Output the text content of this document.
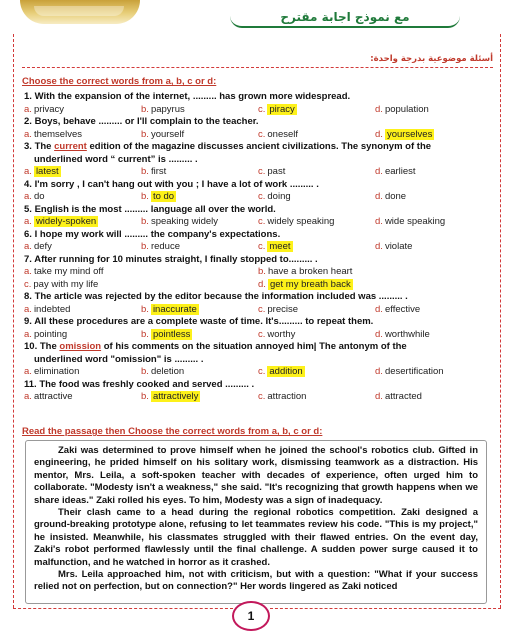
مع نموذج اجابة مقترح
أسئلة موضوعية بدرجة واحدة:
Choose the correct words from a, b, c or d:
1. With the expansion of the internet, ......... has grown more widespread.
a. privacy	b. papyrus	c. piracy	d. population
2. Boys, behave ......... or I'll complain to the teacher.
a. themselves	b. yourself	c. oneself	d. yourselves
3. The current edition of the magazine discusses ancient civilizations. The synonym of the
underlined word “ current” is ......... .
a. latest	b. first	c. past	d. earliest
4. I'm sorry , I can't hang out with you ; I have a lot of work ......... .
a. do	b. to do	c. doing	d. done
5. English is the most ......... language all over the world.
a. widely-spoken	b. speaking widely	c. widely speaking	d. wide speaking
6. I hope my work will ......... the company's expectations.
a. defy	b. reduce	c. meet	d. violate
7. After running for 10 minutes straight, I finally stopped to......... .
a. take my mind off	b. have a broken heart
c. pay with my life	d. get my breath back
8. The article was rejected by the editor because the information included was ......... .
a. indebted	b. inaccurate	c. precise	d. effective
9. All these procedures are a complete waste of time. It's......... to repeat them.
a. pointing	b. pointless	c. worthy	d. worthwhile
10. The omission of his comments on the situation annoyed him| The antonym of the
underlined word "omission" is ......... .
a. elimination	b. deletion	c. addition	d. desertification
11. The food was freshly cooked and served ......... .
a. attractive	b. attractively	c. attraction	d. attracted
Read the passage then Choose the correct words from a, b, c or d:

Zaki was determined to prove himself when he joined the school's robotics club. Gifted in engineering, he prided himself on his solitary work, dismissing teamwork as a distraction. His mentor, Mrs. Leila, a soft-spoken teacher with decades of experience, often urged him to collaborate. "Modesty isn't a weakness," she said. "It's recognizing that growth happens when we share ideas." Zaki rolled his eyes. To him, Modesty was a sign of inadequacy.

Their clash came to a head during the regional robotics competition. Zaki designed a ground-breaking prototype alone, refusing to let teammates review his code. "This is my project," he insisted. Meanwhile, his classmates struggled with their flawed entries. On the event day, Zaki's robot performed flawlessly until the final challenge. A sudden power surge caused it to malfunction, and he watched in horror as it crashed.

Mrs. Leila approached him, not with criticism, but with a question: "What if your success relied not on perfection, but on connection?" Her words lingered as Zaki noticed

1
